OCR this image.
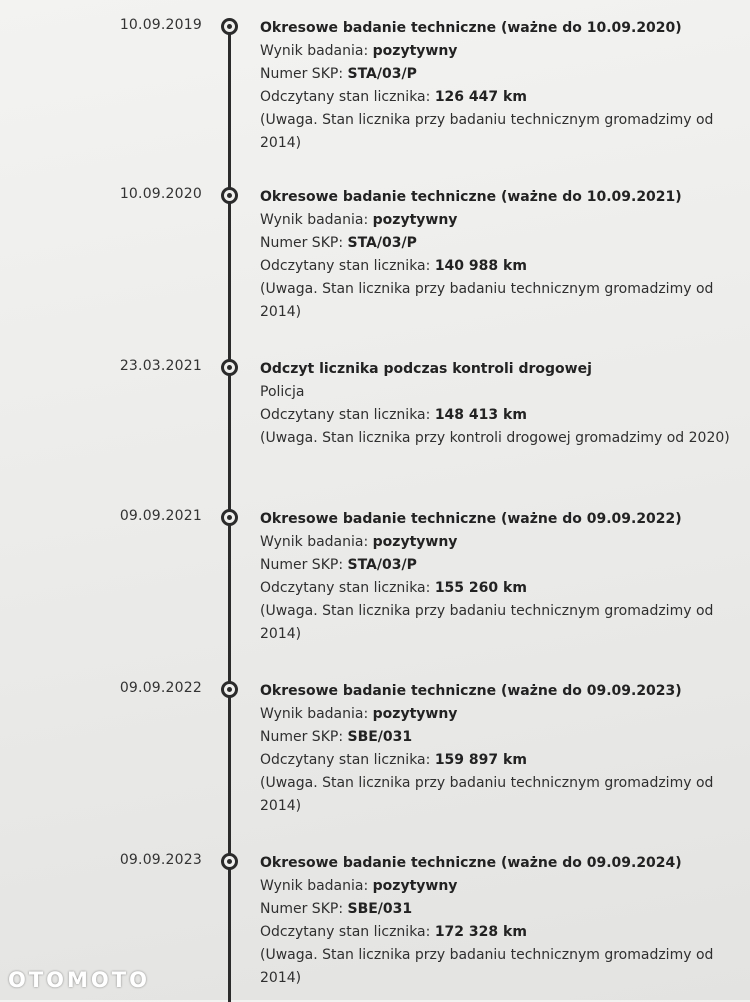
10.09.2019	Okresowe badanie techniczne (ważne do 10.09.2020)
Wynik badania: pozytywny
Numer SKP: STA/03/P
Odczytany stan licznika: 126 447 km
(Uwaga. Stan licznika przy badaniu technicznym gromadzimy od 2014)
10.09.2020	Okresowe badanie techniczne (ważne do 10.09.2021)
Wynik badania: pozytywny
Numer SKP: STA/03/P
Odczytany stan licznika: 140 988 km
(Uwaga. Stan licznika przy badaniu technicznym gromadzimy od 2014)
23.03.2021	Odczyt licznika podczas kontroli drogowej
Policja
Odczytany stan licznika: 148 413 km
(Uwaga. Stan licznika przy kontroli drogowej gromadzimy od 2020)
09.09.2021	Okresowe badanie techniczne (ważne do 09.09.2022)
Wynik badania: pozytywny
Numer SKP: STA/03/P
Odczytany stan licznika: 155 260 km
(Uwaga. Stan licznika przy badaniu technicznym gromadzimy od 2014)
09.09.2022	Okresowe badanie techniczne (ważne do 09.09.2023)
Wynik badania: pozytywny
Numer SKP: SBE/031
Odczytany stan licznika: 159 897 km
(Uwaga. Stan licznika przy badaniu technicznym gromadzimy od 2014)
09.09.2023	Okresowe badanie techniczne (ważne do 09.09.2024)
Wynik badania: pozytywny
Numer SKP: SBE/031
Odczytany stan licznika: 172 328 km
(Uwaga. Stan licznika przy badaniu technicznym gromadzimy od 2014)
OTOMOTO
